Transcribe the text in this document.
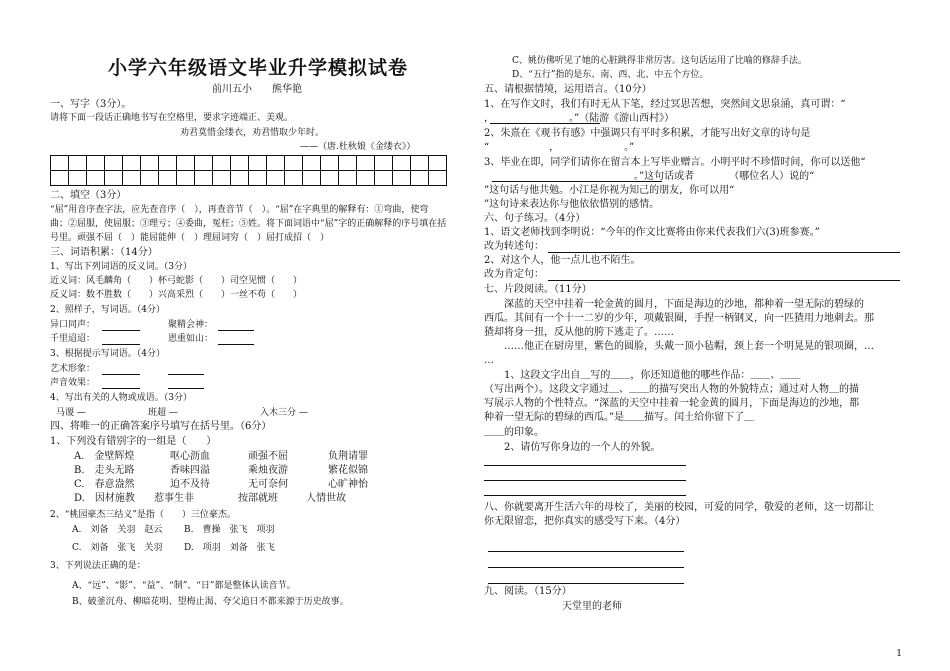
小学六年级语文毕业升学模拟试卷
前川五小　　熊华艳
一、写字（3分）。
请将下面一段话正确地书写在空格里，要求字迹端正、美观。
劝君莫惜金缕衣，劝君惜取少年时。
——（唐.杜秋娘《金缕衣》）

二、填空（3分）
“屈”用音序查字法，应先查音序（　），再查音节（　）。“屈”在字典里的解释有：①弯曲，使弯
曲；②屈服，使屈服；③理亏；④委曲，冤枉；⑤姓。将下面词语中“屈”字的正确解释的序号填在括
号里。顽强不屈（　）能屈能伸（　）理屈词穷（　）屈打成招（　）
三、词语积累：（14分）
1、写出下列词语的反义词。（3分）
近义词：风毛麟角（　　）杯弓蛇影（　　）司空见惯（　　）
反义词：数不胜数（　　）兴高采烈（　　）一丝不苟（　　）
2、照样子，写词语。（4分）
异口同声：	聚精会神：
千里迢迢：	恩重如山：
3、根据提示写词语。（4分）
艺术形象：
声音效果：
4、写出有关的人物或成语。（3分）
马谡 —	班超 —	入木三分 —
四、将唯一的正确答案序号填写在括号里。（6分）
1、下列没有错别字的一组是（　　）
A.　金壁辉煌	呕心沥血	顽强不屈	负荆请罪
B.　走头无路	香味四溢	乘烛夜游	繁花似锦
C.　春意盎然	迫不及待	无可奈何	心旷神怡
D.　因材施教 惹事生非	按部就班	人情世故
2、“桃园豪杰三结义”是指（　　）三位豪杰。
A.　刘备　关羽　赵云 B.　曹操　张飞　项羽
C.　刘备　张飞　关羽 D.　项羽　刘备　张飞
3、下列说法正确的是：
A、“远”、“影”、“益”、“制”、“日”都是整体认读音节。
B、破釜沉舟、柳暗花明、望梅止渴、夸父追日不都来源于历史故事。
C、姚仿佛听见了她的心脏跳得非常厉害。这句话运用了比喻的修辞手法。
D、“五行”指的是东、南、西、北、中五个方位。
五、请根据情境，运用语言。（10分）
1、在写作文时，我们有时无从下笔，经过冥思苦想，突然间文思泉涌，真可谓：“
，　　　　　　　　。”（陆游《游山西村》）
2、朱熹在《观书有感》中强调只有平时多积累，才能写出好文章的诗句是
“　　　　　　，　　　　　　　。”
3、毕业在即，同学们请你在留言本上写毕业赠言。小明平时不珍惜时间，你可以送他“
　　　　　　　　　　　　　　　。”这句话或者　　　　（哪位名人）说的“
”这句话与他共勉。小江是你视为知己的朋友，你可以用“　　　　　　　　　　　　
”这句诗来表达你与他依依惜别的感情。
六、句子练习。（4分）
1、语文老师找到李明说：“今年的作文比赛将由你来代表我们六(3)班参赛。”
改为转述句：
2、对这个人，他一点儿也不陌生。
改为肯定句：
七、片段阅读。（11分）
　　深蓝的天空中挂着一轮金黄的圆月，下面是海边的沙地，都种着一望无际的碧绿的
西瓜。其间有一个十一二岁的少年，项戴银圈，手捏一柄钢叉，向一匹猹用力地刺去。那
猹却将身一扭，反从他的胯下逃走了。……
　　……他正在厨房里，紫色的圆脸，头戴一顶小毡帽，颈上套一个明晃晃的银项圈，…
…
　　1、这段文字出自＿写的＿＿，你还知道他的哪些作品：＿＿、＿＿
（写出两个）。这段文字通过＿、＿＿的描写突出人物的外貌特点；通过对人物＿的描
写展示人物的个性特点。“深蓝的天空中挂着一轮金黄的圆月，下面是海边的沙地，都
种着一望无际的碧绿的西瓜。”是＿＿描写。闰土给你留下了＿
＿＿的印象。
　　2、请仿写你身边的一个人的外貌。
八、你就要离开生活六年的母校了，美丽的校园，可爱的同学，敬爱的老师，这一切都让
你无限留恋，把你真实的感受写下来。（4分）
九、阅读。（15分）
天堂里的老师
1
